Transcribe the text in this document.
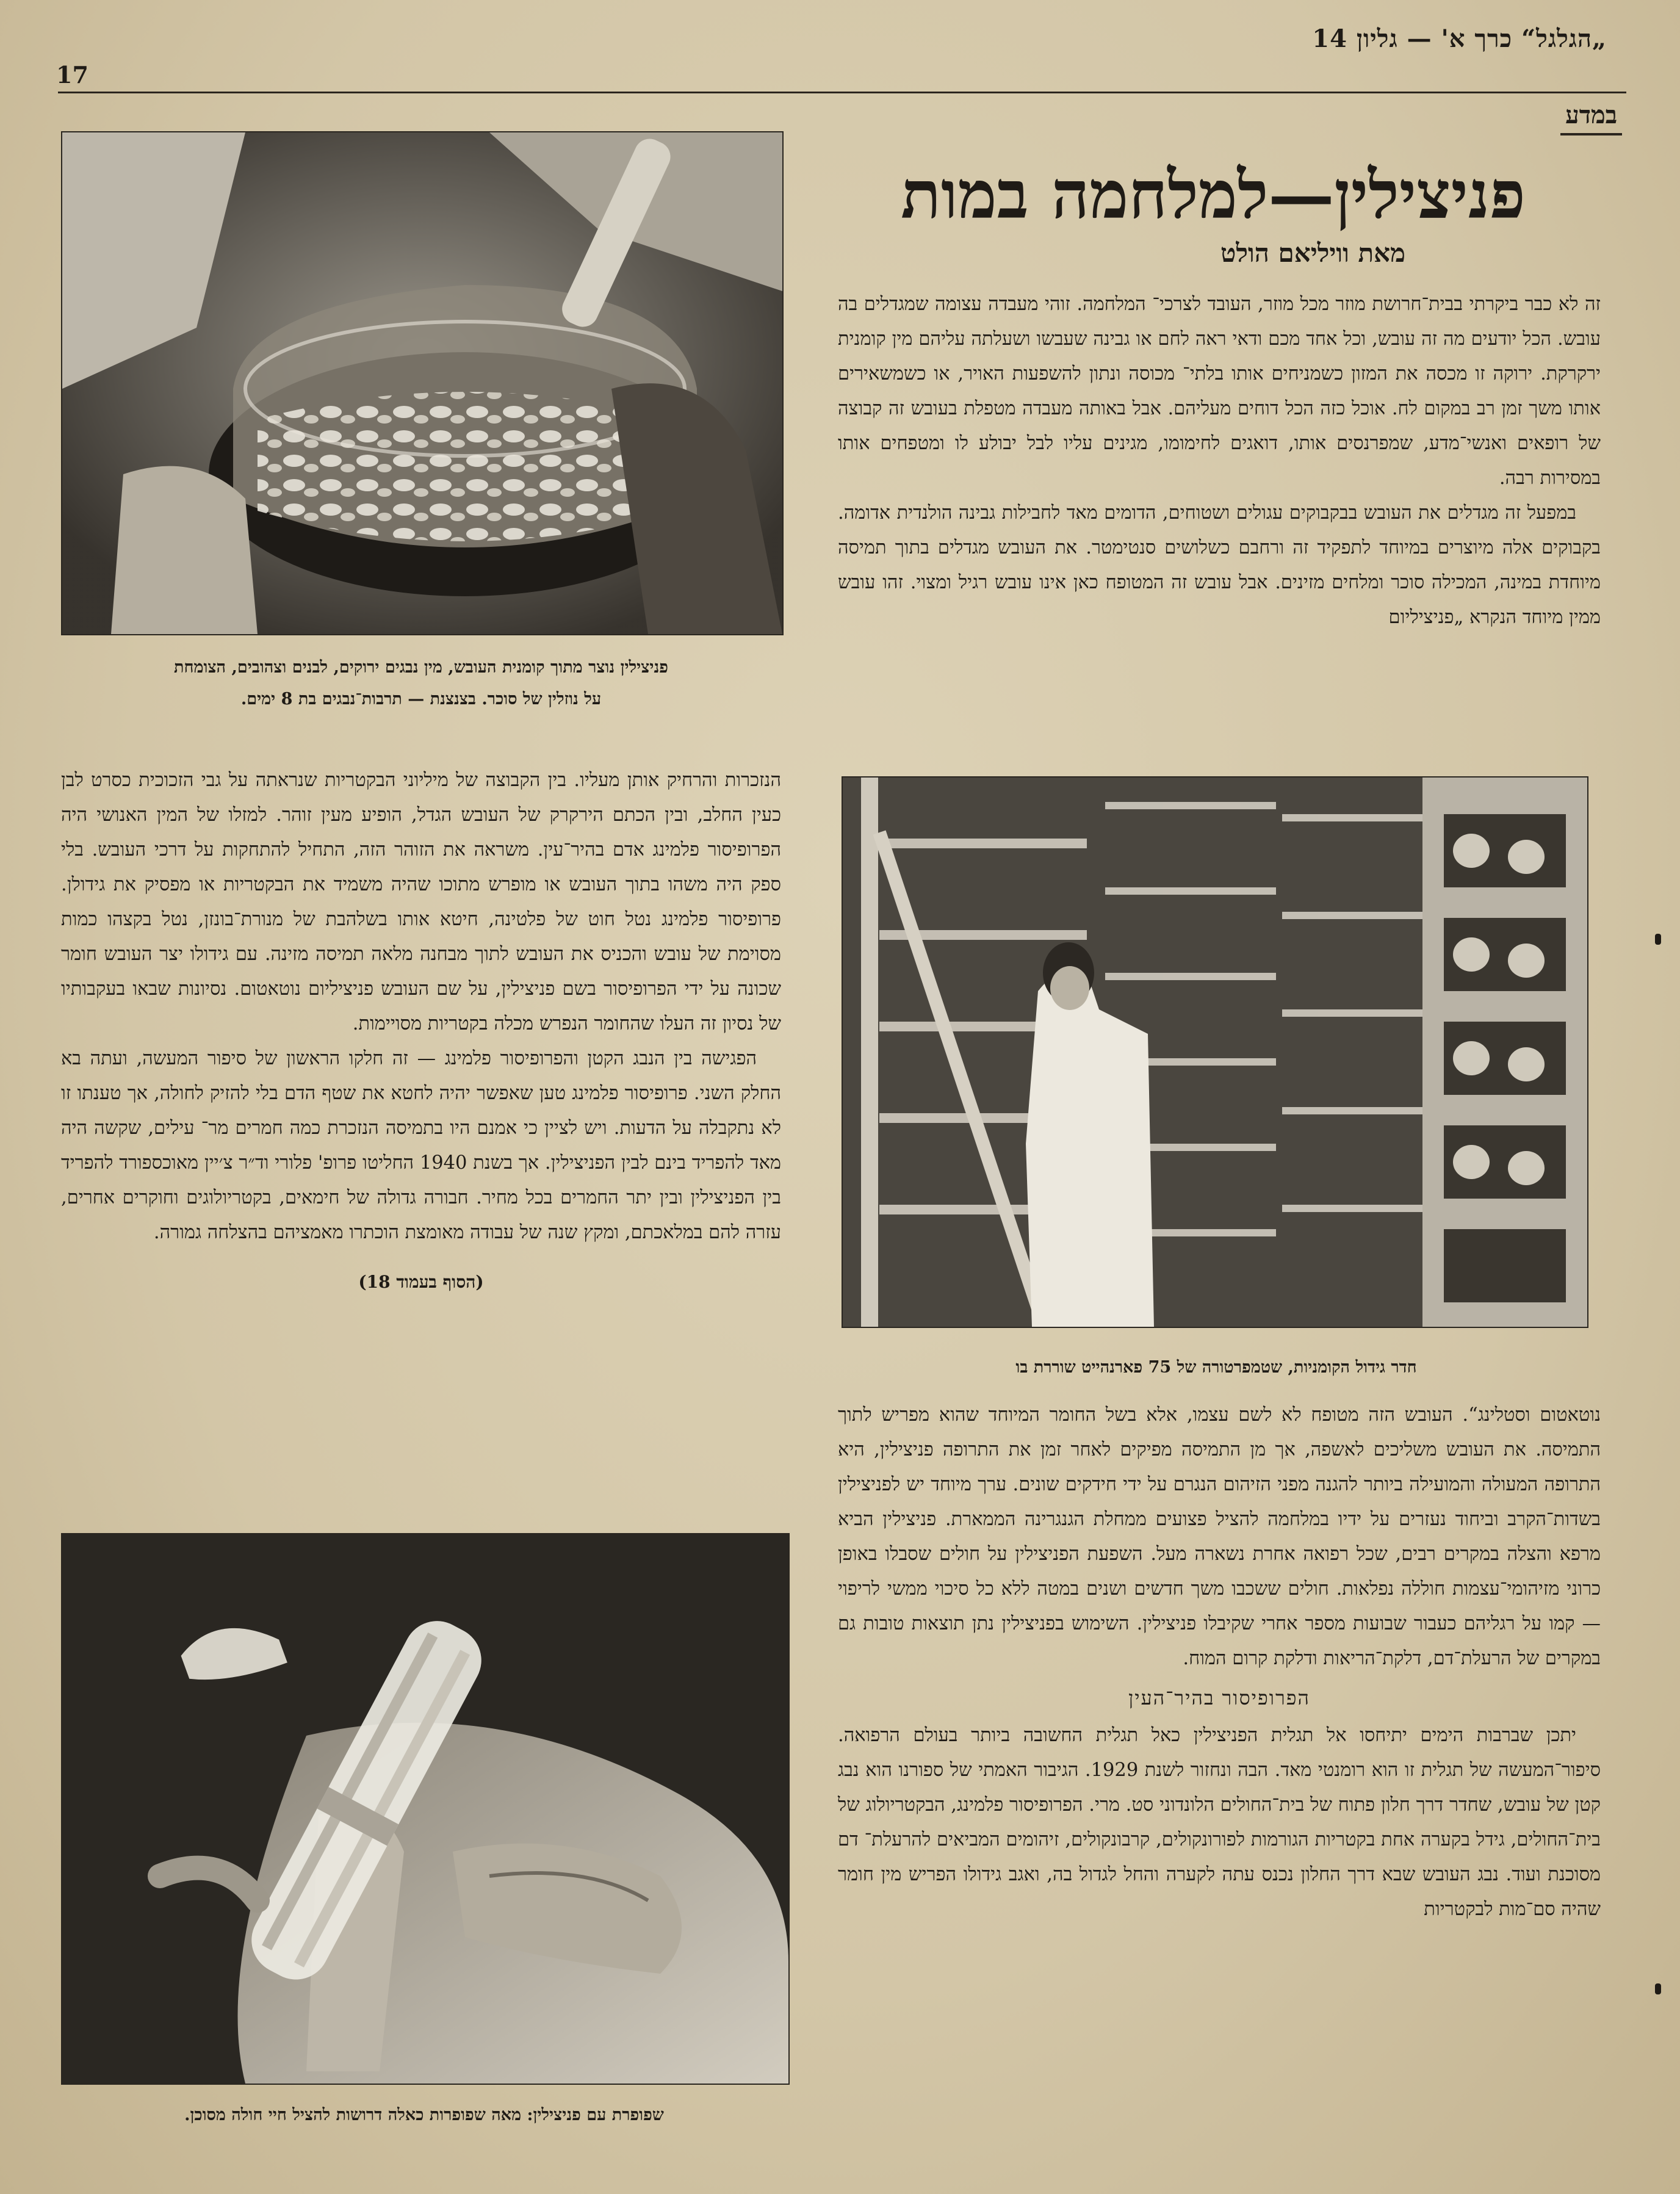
„הגלגל“ כרך א' — גליון 14
17
במדע
פניצילין—למלחמה במות
מאת וויליאם הולט

זה לא כבר ביקרתי בבית־חרושת מוזר מכל מוזר, העובד לצרכי־ המלחמה. זוהי מעבדה עצומה שמגדלים בה עובש. הכל יודעים מה זה עובש, וכל אחד מכם ודאי ראה לחם או גבינה שעבשו ושעלתה עליהם מין קומנית ירקרקת. ירוקה זו מכסה את המזון כשמניחים אותו בלתי־ מכוסה ונתון להשפעות האויר, או כשמשאירים אותו משך זמן רב במקום לח. אוכל כזה הכל דוחים מעליהם. אבל באותה מעבדה מטפלת בעובש זה קבוצה של רופאים ואנשי־מדע, שמפרנסים אותו, דואגים לחימומו, מגינים עליו לבל יבולע לו ומטפחים אותו במסירות רבה.

במפעל זה מגדלים את העובש בבקבוקים עגולים ושטוחים, הדומים מאד לחבילות גבינה הולנדית אדומה. בקבוקים אלה מיוצרים במיוחד לתפקיד זה ורחבם כשלושים סנטימטר. את העובש מגדלים בתוך תמיסה מיוחדת במינה, המכילה סוכר ומלחים מזינים. אבל עובש זה המטופח כאן אינו עובש רגיל ומצוי. זהו עובש ממין מיוחד הנקרא „פניציליום

פניצילין נוצר מתוך קומנית העובש, מין נבגים ירוקים, לבנים וצהובים, הצומחת
על נוזלין של סוכר. בצנצנת — תרבות־נבגים בת 8 ימים.

הנזכרות והרחיק אותן מעליו. בין הקבוצה של מיליוני הבקטריות שנראתה על גבי הזכוכית כסרט לבן כעין החלב, ובין הכתם הירקרק של העובש הגדל, הופיע מעין זוהר. למזלו של המין האנושי היה הפרופיסור פלמינג אדם בהיר־עין. משראה את הזוהר הזה, התחיל להתחקות על דרכי העובש. בלי ספק היה משהו בתוך העובש או מופרש מתוכו שהיה משמיד את הבקטריות או מפסיק את גידולן. פרופיסור פלמינג נטל חוט של פלטינה, חיטא אותו בשלהבת של מנורת־בונזן, נטל בקצהו כמות מסוימת של עובש והכניס את העובש לתוך מבחנה מלאה תמיסה מזינה. עם גידולו יצר העובש חומר שכונה על ידי הפרופיסור בשם פניצילין, על שם העובש פניציליום נוטאטום. נסיונות שבאו בעקבותיו של נסיון זה העלו שהחומר הנפרש מכלה בקטריות מסויימות.

הפגישה בין הנבג הקטן והפרופיסור פלמינג — זה חלקו הראשון של סיפור המעשה, ועתה בא החלק השני. פרופיסור פלמינג טען שאפשר יהיה לחטא את שטף הדם בלי להזיק לחולה, אך טענתו זו לא נתקבלה על הדעות. ויש לציין כי אמנם היו בתמיסה הנזכרת כמה חמרים מר־ עילים, שקשה היה מאד להפריד בינם לבין הפניצילין. אך בשנת 1940 החליטו פרופ' פלורי וד״ר צ׳יין מאוכספורד להפריד בין הפניצילין ובין יתר החמרים בכל מחיר. חבורה גדולה של חימאים, בקטריולוגים וחוקרים אחרים, עזרה להם במלאכתם, ומקץ שנה של עבודה מאומצת הוכתרו מאמציהם בהצלחה גמורה.

(הסוף בעמוד 18)
חדר גידול הקומניות, שטמפרטורה של 75 פארנהייט שוררת בו

נוטאטום וסטלינג“. העובש הזה מטופח לא לשם עצמו, אלא בשל החומר המיוחד שהוא מפריש לתוך התמיסה. את העובש משליכים לאשפה, אך מן התמיסה מפיקים לאחר זמן את התרופה פניצילין, היא התרופה המעולה והמועילה ביותר להגנה מפני הזיהום הנגרם על ידי חידקים שונים. ערך מיוחד יש לפניצילין בשדות־הקרב וביחוד נעזרים על ידיו במלחמה להציל פצועים ממחלת הגנגרינה הממארת. פניצילין הביא מרפא והצלה במקרים רבים, שכל רפואה אחרת נשארה מעל. השפעת הפניצילין על חולים שסבלו באופן כרוני מזיהומי־עצמות חוללה נפלאות. חולים ששכבו משך חדשים ושנים במטה ללא כל סיכוי ממשי לריפוי — קמו על רגליהם כעבור שבועות מספר אחרי שקיבלו פניצילין. השימוש בפניצילין נתן תוצאות טובות גם במקרים של הרעלת־דם, דלקת־הריאות ודלקת קרום המוח.

הפרופיסור בהיר־העין

יתכן שברבות הימים יתיחסו אל תגלית הפניצילין כאל תגלית החשובה ביותר בעולם הרפואה. סיפור־המעשה של תגלית זו הוא רומנטי מאד. הבה ונחזור לשנת 1929. הגיבור האמתי של ספורנו הוא נבג קטן של עובש, שחדר דרך חלון פתוח של בית־החולים הלונדוני סט. מרי. הפרופיסור פלמינג, הבקטריולוג של בית־החולים, גידל בקערה אחת בקטריות הגורמות לפורונקולים, קרבונקולים, זיהומים המביאים להרעלת־ דם מסוכנת ועוד. נבג העובש שבא דרך החלון נכנס עתה לקערה והחל לגדול בה, ואגב גידולו הפריש מין חומר שהיה סם־מות לבקטריות

שפופרת עם פניצילין: מאה שפופרות כאלה דרושות להציל חיי חולה מסוכן.
